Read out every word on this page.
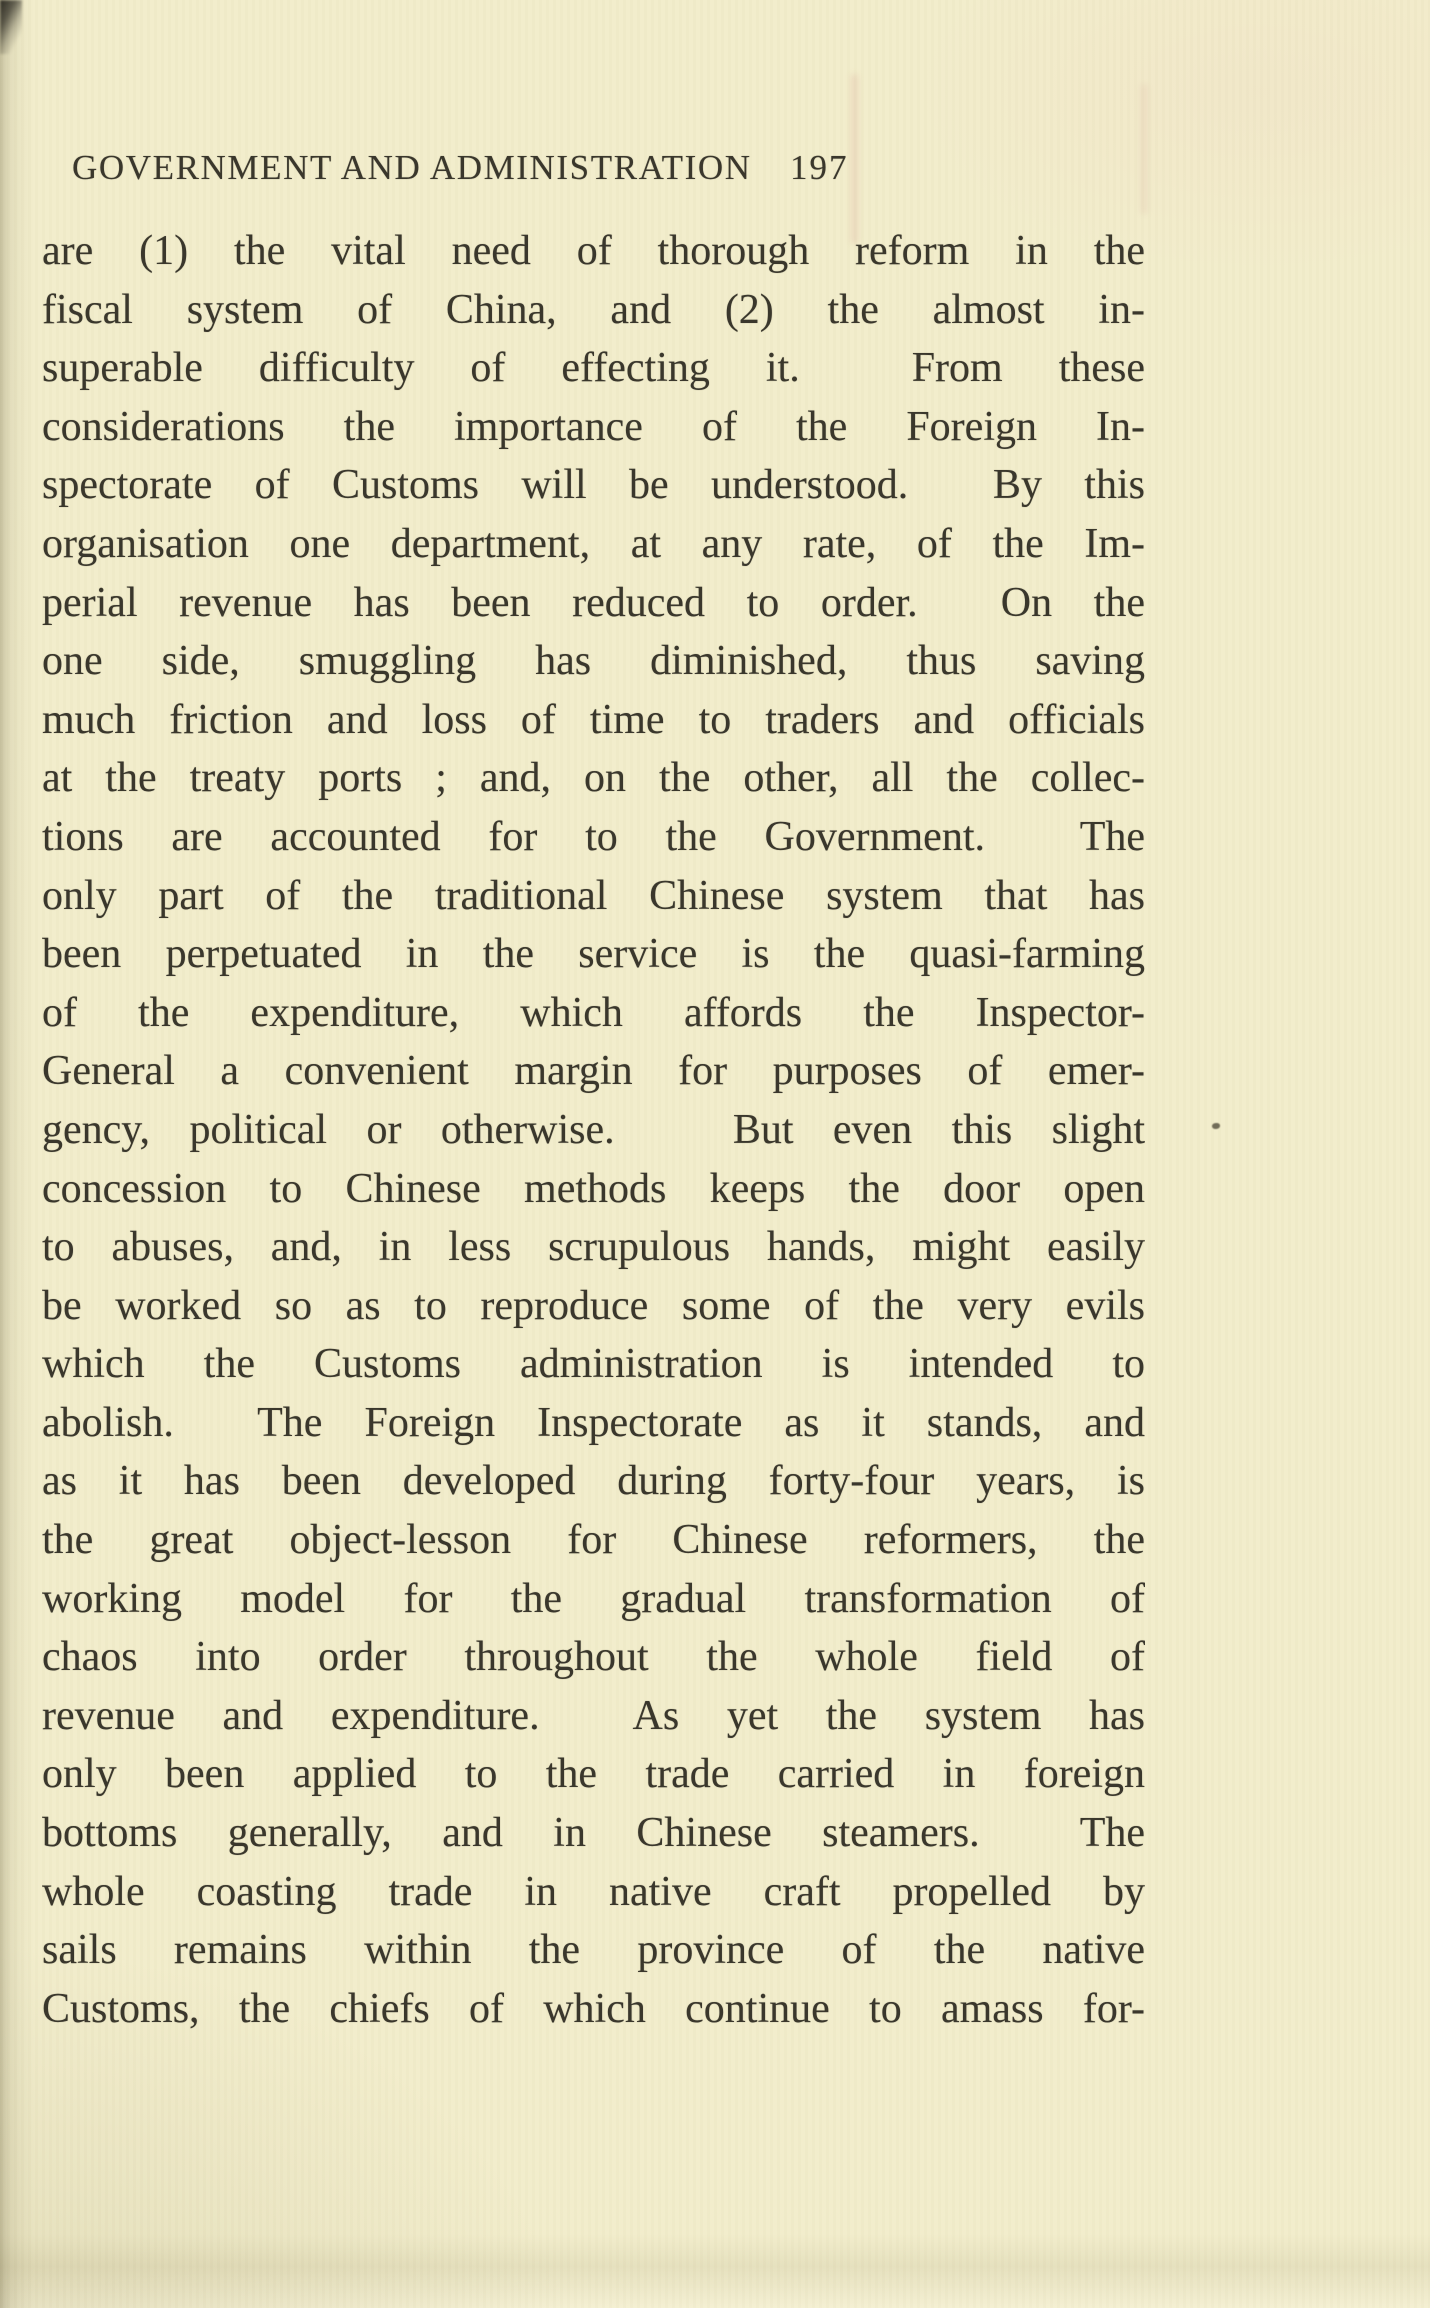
GOVERNMENT AND ADMINISTRATION 197
are (1) the vital need of thorough reform in the
fiscal system of China, and (2) the almost in-
superable difficulty of effecting it.  From these
considerations the importance of the Foreign In-
spectorate of Customs will be understood.  By this
organisation one department, at any rate, of the Im-
perial revenue has been reduced to order.  On the
one side, smuggling has diminished, thus saving
much friction and loss of time to traders and officials
at the treaty ports ; and, on the other, all the collec-
tions are accounted for to the Government.  The
only part of the traditional Chinese system that has
been perpetuated in the service is the quasi-farming
of the expenditure, which affords the Inspector-
General a convenient margin for purposes of emer-
gency, political or otherwise.   But even this slight
concession to Chinese methods keeps the door open
to abuses, and, in less scrupulous hands, might easily
be worked so as to reproduce some of the very evils
which the Customs administration is intended to
abolish.  The Foreign Inspectorate as it stands, and
as it has been developed during forty-four years, is
the great object-lesson for Chinese reformers, the
working model for the gradual transformation of
chaos into order throughout the whole field of
revenue and expenditure.  As yet the system has
only been applied to the trade carried in foreign
bottoms generally, and in Chinese steamers.  The
whole coasting trade in native craft propelled by
sails remains within the province of the native
Customs, the chiefs of which continue to amass for-
